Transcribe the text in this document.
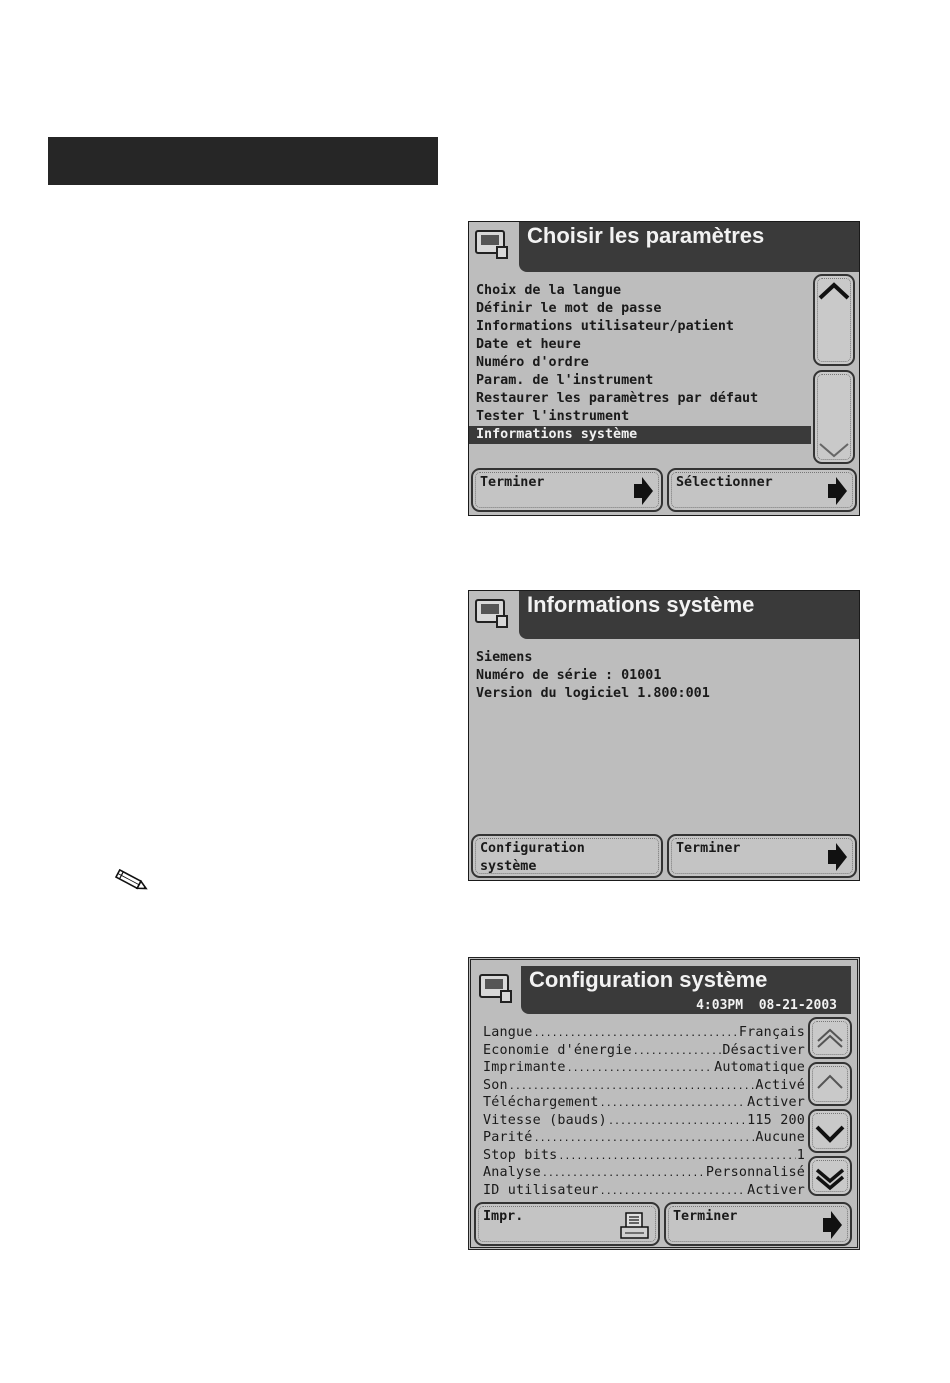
Choisir les paramètres
Choix de la langue
Définir le mot de passe
Informations utilisateur/patient
Date et heure
Numéro d'ordre
Param. de l'instrument
Restaurer les paramètres par défaut
Tester l'instrument
Informations système
Terminer	Sélectionner
Informations système
Siemens
Numéro de série : 01001
Version du logiciel 1.800:001
Configuration
système
Terminer
Configuration système
4:03PM 08-21-2003
Langue .....	Français
Economie d'énergie .....	Désactiver
Imprimante .....	Automatique
Son .....	Activé
Téléchargement .....	Activer
Vitesse (bauds) .....	115 200
Parité .....	Aucune
Stop bits .....	1
Analyse .....	Personnalisé
ID utilisateur .....	Activer
Impr.	Terminer
